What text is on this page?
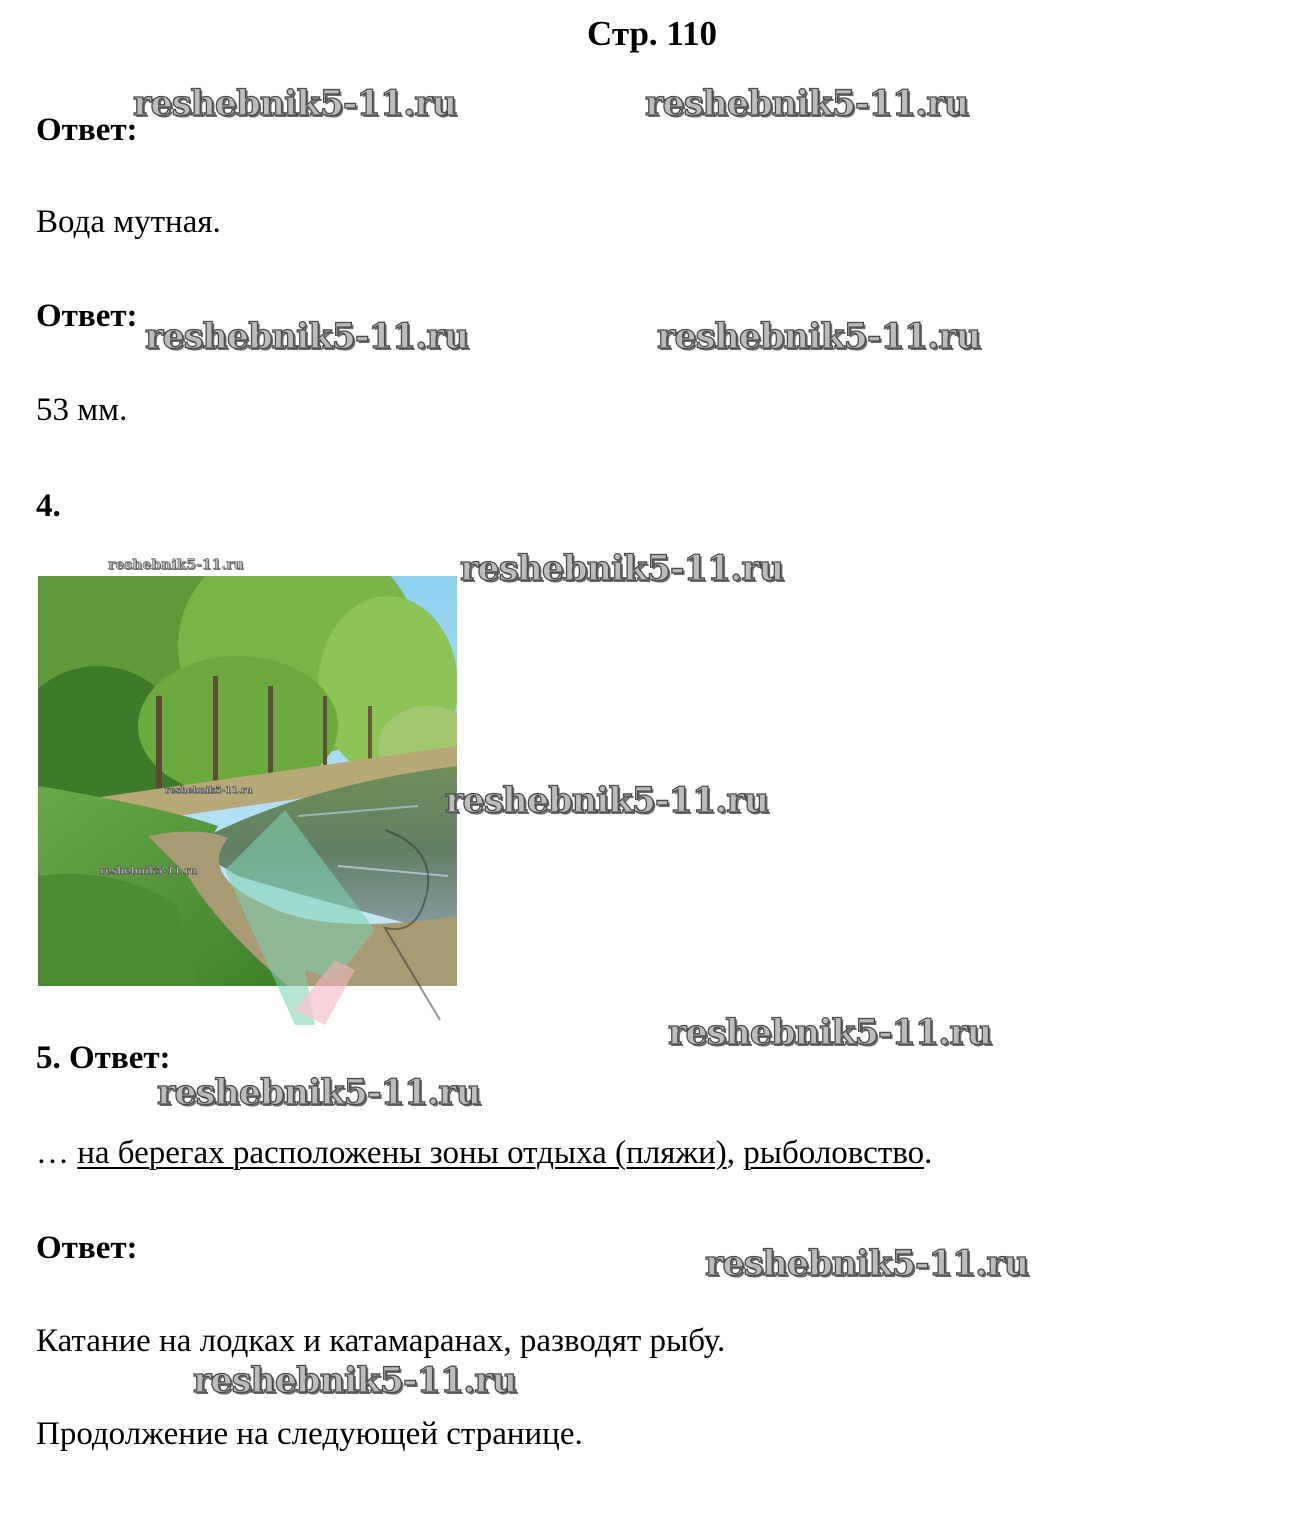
Стр. 110
Ответ:
Вода мутная.
Ответ:
53 мм.
4.
5. Ответ:
… на берегах расположены зоны отдыха (пляжи), рыболовство.
Ответ:
Катание на лодках и катамаранах, разводят рыбу.
Продолжение на следующей странице.
reshebnik5-11.ru	reshebnik5-11.ru
reshebnik5-11.ru	reshebnik5-11.ru
reshebnik5-11.ru
reshebnik5-11.ru
reshebnik5-11.ru
reshebnik5-11.ru
reshebnik5-11.ru
reshebnik5-11.ru
reshebnik5-11.ru
reshebnik5-11.ru
reshebnik5-11.ru
